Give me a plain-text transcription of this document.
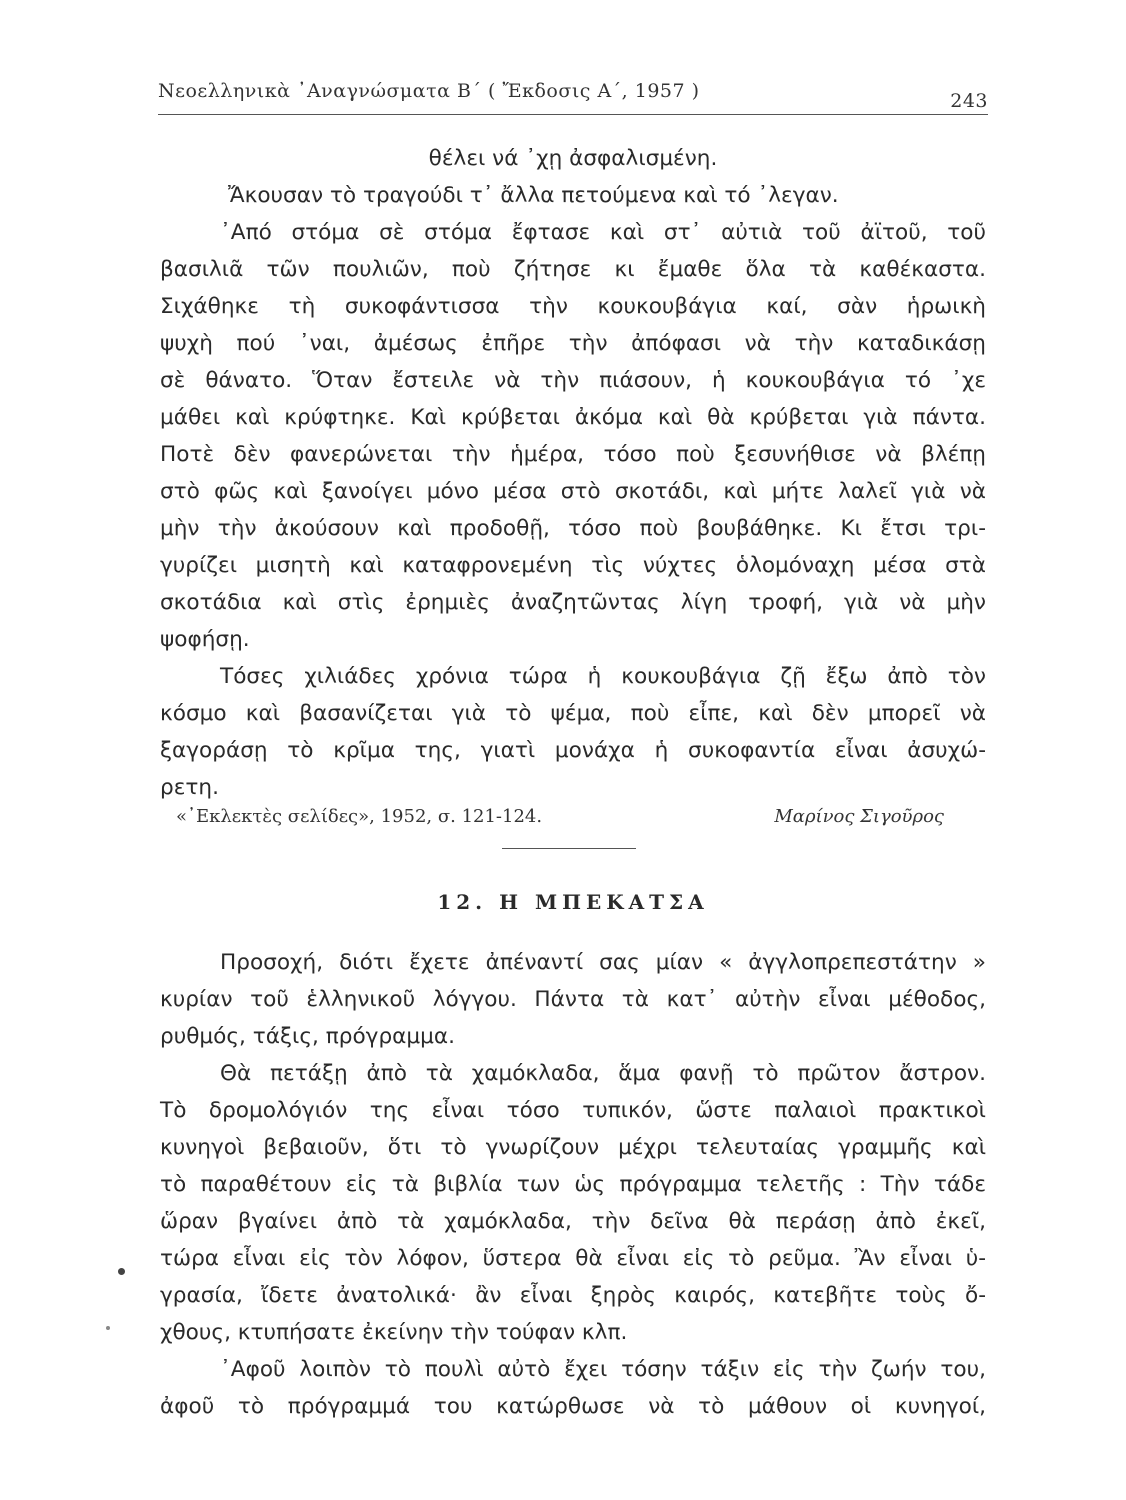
Νεοελληνικὰ ᾿Αναγνώσματα Β΄ ( Ἔκδοσις Α΄, 1957 )	243
θέλει νά ᾿χῃ ἀσφαλισμένη.
Ἄκουσαν τὸ τραγούδι τ᾿ ἄλλα πετούμενα καὶ τό ᾿λεγαν.
᾿Από στόμα σὲ στόμα ἔφτασε καὶ στ᾿ αὐτιὰ τοῦ ἀϊτοῦ, τοῦ
βασιλιᾶ τῶν πουλιῶν, ποὺ ζήτησε κι ἔμαθε ὅλα τὰ καθέκαστα.
Σιχάθηκε τὴ συκοφάντισσα τὴν κουκουβάγια καί, σὰν ἡρωικὴ
ψυχὴ πού ᾿ναι, ἀμέσως ἐπῆρε τὴν ἀπόφασι νὰ τὴν καταδικάσῃ
σὲ θάνατο. Ὅταν ἔστειλε νὰ τὴν πιάσουν, ἡ κουκουβάγια τό ᾿χε
μάθει καὶ κρύφτηκε. Καὶ κρύβεται ἀκόμα καὶ θὰ κρύβεται γιὰ πάντα.
Ποτὲ δὲν φανερώνεται τὴν ἡμέρα, τόσο ποὺ ξεσυνήθισε νὰ βλέπῃ
στὸ φῶς καὶ ξανοίγει μόνο μέσα στὸ σκοτάδι, καὶ μήτε λαλεῖ γιὰ νὰ
μὴν τὴν ἀκούσουν καὶ προδοθῇ, τόσο ποὺ βουβάθηκε. Κι ἔτσι τρι-
γυρίζει μισητὴ καὶ καταφρονεμένη τὶς νύχτες ὁλομόναχη μέσα στὰ
σκοτάδια καὶ στὶς ἐρημιὲς ἀναζητῶντας λίγη τροφή, γιὰ νὰ μὴν
ψοφήσῃ.
Τόσες χιλιάδες χρόνια τώρα ἡ κουκουβάγια ζῇ ἔξω ἀπὸ τὸν
κόσμο καὶ βασανίζεται γιὰ τὸ ψέμα, ποὺ εἶπε, καὶ δὲν μπορεῖ νὰ
ξαγοράσῃ τὸ κρῖμα της, γιατὶ μονάχα ἡ συκοφαντία εἶναι ἀσυχώ-
ρετη.
«᾿Εκλεκτὲς σελίδες», 1952, σ. 121-124.	Μαρίνος Σιγοῦρος
12. Η ΜΠΕΚΑΤΣΑ
Προσοχή, διότι ἔχετε ἀπέναντί σας μίαν « ἀγγλοπρεπεστάτην »
κυρίαν τοῦ ἑλληνικοῦ λόγγου. Πάντα τὰ κατ᾿ αὐτὴν εἶναι μέθοδος,
ρυθμός, τάξις, πρόγραμμα.
Θὰ πετάξῃ ἀπὸ τὰ χαμόκλαδα, ἅμα φανῇ τὸ πρῶτον ἄστρον.
Τὸ δρομολόγιόν της εἶναι τόσο τυπικόν, ὥστε παλαιοὶ πρακτικοὶ
κυνηγοὶ βεβαιοῦν, ὅτι τὸ γνωρίζουν μέχρι τελευταίας γραμμῆς καὶ
τὸ παραθέτουν εἰς τὰ βιβλία των ὡς πρόγραμμα τελετῆς : Τὴν τάδε
ὥραν βγαίνει ἀπὸ τὰ χαμόκλαδα, τὴν δεῖνα θὰ περάσῃ ἀπὸ ἐκεῖ,
τώρα εἶναι εἰς τὸν λόφον, ὕστερα θὰ εἶναι εἰς τὸ ρεῦμα. Ἂν εἶναι ὑ-
γρασία, ἴδετε ἀνατολικά· ἂν εἶναι ξηρὸς καιρός, κατεβῆτε τοὺς ὄ-
χθους, κτυπήσατε ἐκείνην τὴν τούφαν κλπ.
᾿Αφοῦ λοιπὸν τὸ πουλὶ αὐτὸ ἔχει τόσην τάξιν εἰς τὴν ζωήν του,
ἀφοῦ τὸ πρόγραμμά του κατώρθωσε νὰ τὸ μάθουν οἱ κυνηγοί,
